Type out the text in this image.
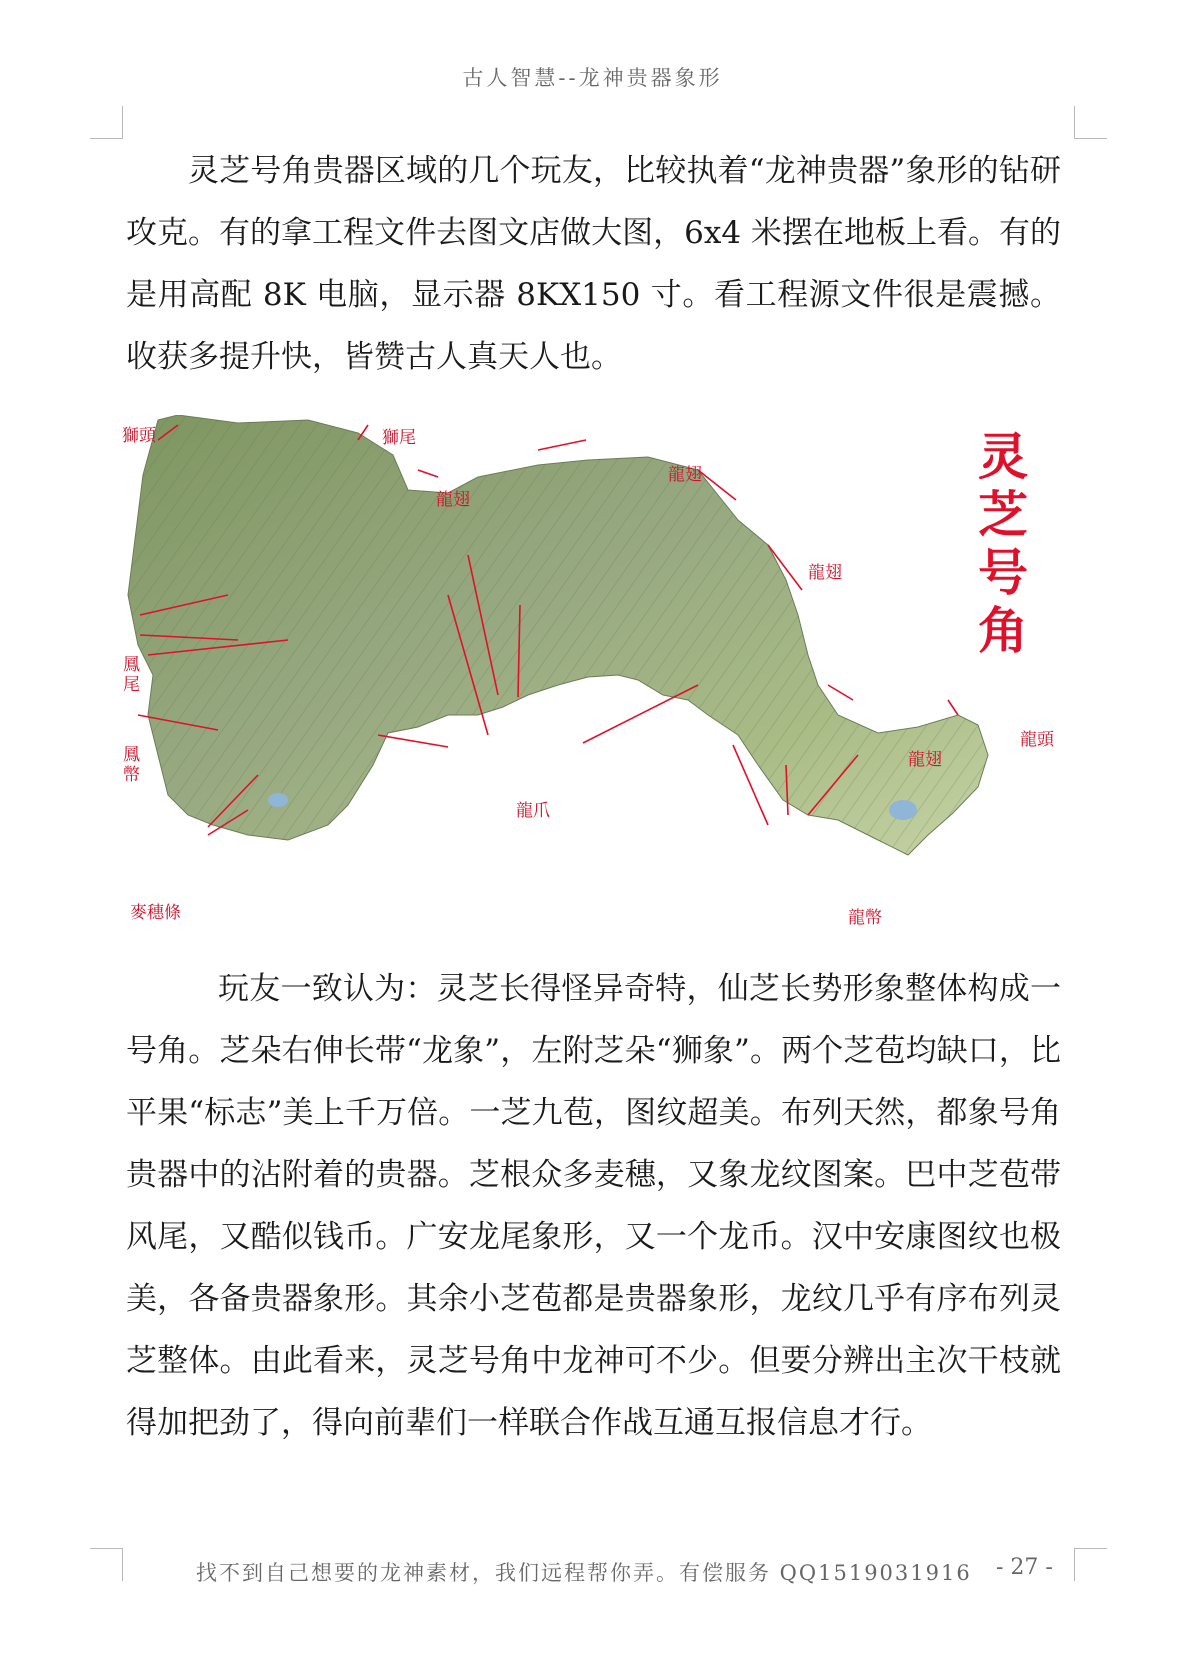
古人智慧--龙神贵器象形

灵芝号角贵器区域的几个玩友，比较执着“龙神贵器”象形的钻研攻克。有的拿工程文件去图文店做大图，6x4 米摆在地板上看。有的是用高配 8K 电脑，显示器 8KX150 寸。看工程源文件很是震撼。收获多提升快，皆赞古人真天人也。

獅頭	獅尾
龍翅
龍翅
龍翅
龍翅
龍頭
鳳尾
鳳幣
龍爪
麥穗條	龍幣
灵芝号角

玩友一致认为：灵芝长得怪异奇特，仙芝长势形象整体构成一号角。芝朵右伸长带“龙象”，左附芝朵“狮象”。两个芝苞均缺口，比平果“标志”美上千万倍。一芝九苞，图纹超美。布列天然，都象号角贵器中的沾附着的贵器。芝根众多麦穗，又象龙纹图案。巴中芝苞带风尾，又酷似钱币。广安龙尾象形，又一个龙币。汉中安康图纹也极美，各备贵器象形。其余小芝苞都是贵器象形，龙纹几乎有序布列灵芝整体。由此看来，灵芝号角中龙神可不少。但要分辨出主次干枝就得加把劲了，得向前辈们一样联合作战互通互报信息才行。

找不到自己想要的龙神素材，我们远程帮你弄。有偿服务 QQ1519031916 - 27 -
